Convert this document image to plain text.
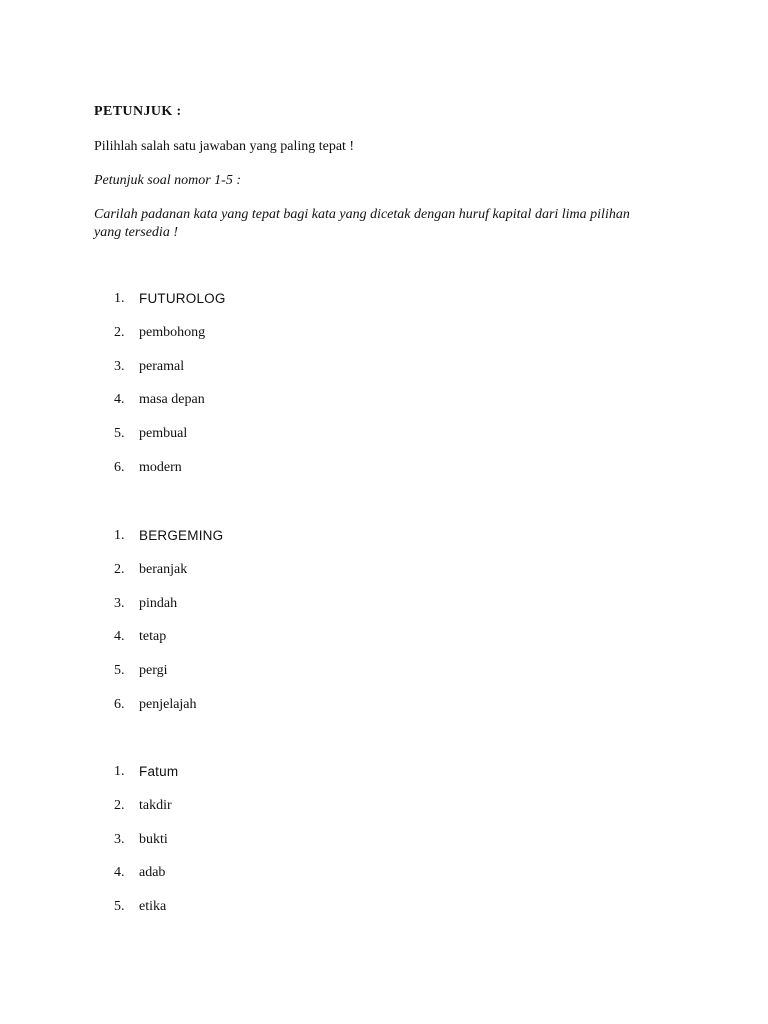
PETUNJUK :
Pilihlah salah satu jawaban yang paling tepat !
Petunjuk soal nomor 1-5 :
Carilah padanan kata yang tepat bagi kata yang dicetak dengan huruf kapital dari lima pilihan yang tersedia !
1.	FUTUROLOG
2.	pembohong
3.	peramal
4.	masa depan
5.	pembual
6.	modern
1.	BERGEMING
2.	beranjak
3.	pindah
4.	tetap
5.	pergi
6.	penjelajah
1.	Fatum
2.	takdir
3.	bukti
4.	adab
5.	etika
